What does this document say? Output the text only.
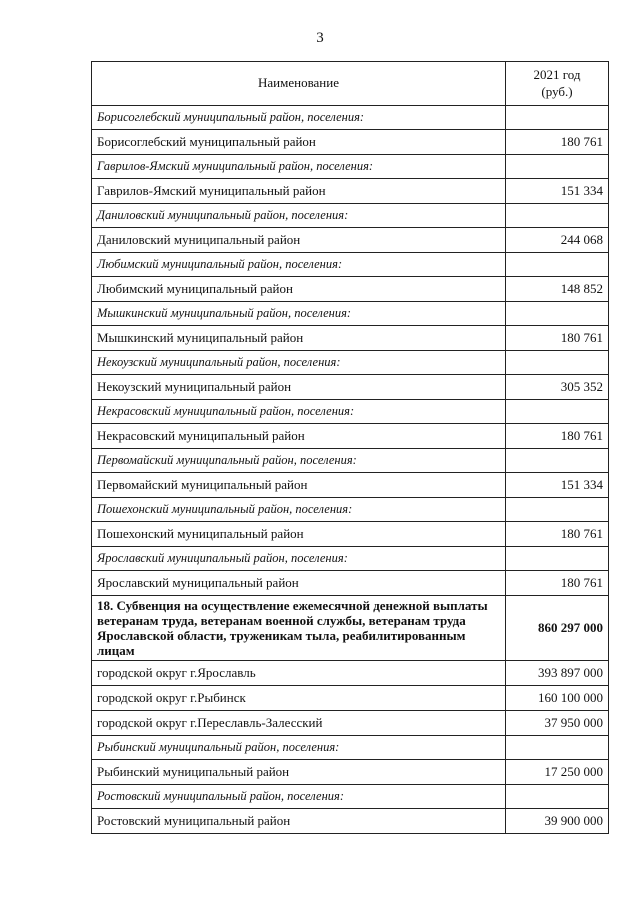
3
Наименование	2021 год
(руб.)
Борисоглебский муниципальный район, поселения:	
Борисоглебский муниципальный район	180 761
Гаврилов-Ямский муниципальный район, поселения:	
Гаврилов-Ямский муниципальный район	151 334
Даниловский муниципальный район, поселения:	
Даниловский муниципальный район	244 068
Любимский муниципальный район, поселения:	
Любимский муниципальный район	148 852
Мышкинский муниципальный район, поселения:	
Мышкинский муниципальный район	180 761
Некоузский муниципальный район, поселения:	
Некоузский муниципальный район	305 352
Некрасовский муниципальный район, поселения:	
Некрасовский муниципальный район	180 761
Первомайский муниципальный район, поселения:	
Первомайский муниципальный район	151 334
Пошехонский муниципальный район, поселения:	
Пошехонский муниципальный район	180 761
Ярославский муниципальный район, поселения:	
Ярославский муниципальный район	180 761
18. Субвенция на осуществление ежемесячной денежной выплаты ветеранам труда, ветеранам военной службы, ветеранам труда Ярославской области, труженикам тыла, реабилитированным лицам	860 297 000
городской округ г.Ярославль	393 897 000
городской округ г.Рыбинск	160 100 000
городской округ г.Переславль-Залесский	37 950 000
Рыбинский муниципальный район, поселения:	
Рыбинский муниципальный район	17 250 000
Ростовский муниципальный район, поселения:	
Ростовский муниципальный район	39 900 000
